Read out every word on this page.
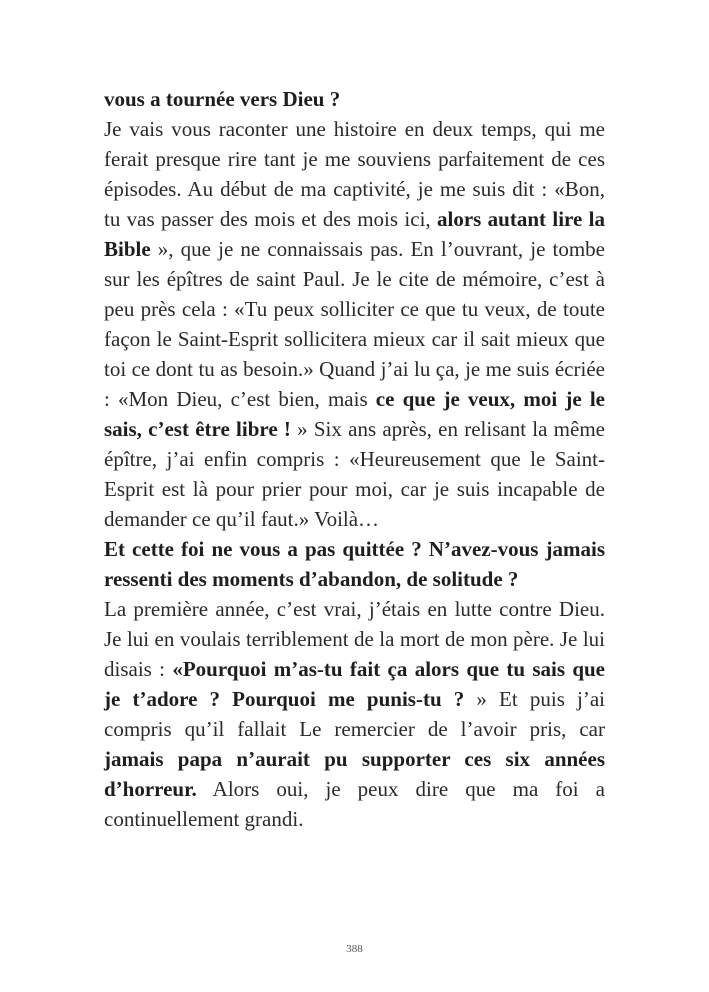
vous a tournée vers Dieu ?

Je vais vous raconter une histoire en deux temps, qui me ferait presque rire tant je me souviens parfaitement de ces épisodes. Au début de ma captivité, je me suis dit : «Bon, tu vas passer des mois et des mois ici, alors autant lire la Bible », que je ne connaissais pas. En l’ouvrant, je tombe sur les épîtres de saint Paul. Je le cite de mémoire, c’est à peu près cela : «Tu peux solliciter ce que tu veux, de toute façon le Saint-Esprit sollicitera mieux car il sait mieux que toi ce dont tu as besoin.» Quand j’ai lu ça, je me suis écriée : «Mon Dieu, c’est bien, mais ce que je veux, moi je le sais, c’est être libre ! » Six ans après, en relisant la même épître, j’ai enfin compris : «Heureusement que le Saint-Esprit est là pour prier pour moi, car je suis incapable de demander ce qu’il faut.» Voilà…

Et cette foi ne vous a pas quittée ? N’avez-vous jamais ressenti des moments d’abandon, de solitude ?

La première année, c’est vrai, j’étais en lutte contre Dieu. Je lui en voulais terriblement de la mort de mon père. Je lui disais : «Pourquoi m’as-tu fait ça alors que tu sais que je t’adore ? Pourquoi me punis-tu ? » Et puis j’ai compris qu’il fallait Le remercier de l’avoir pris, car jamais papa n’aurait pu supporter ces six années d’horreur. Alors oui, je peux dire que ma foi a continuellement grandi.

388
